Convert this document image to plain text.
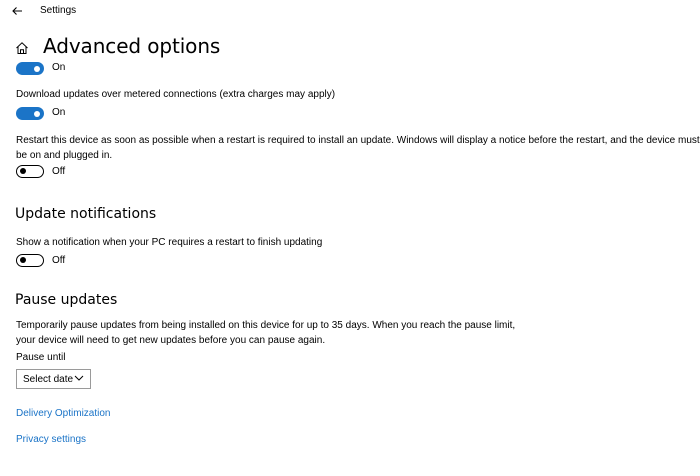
Settings
Advanced options
On
Download updates over metered connections (extra charges may apply)
On
Restart this device as soon as possible when a restart is required to install an update. Windows will display a notice before the restart, and the device must be on and plugged in.
Off
Update notifications
Show a notification when your PC requires a restart to finish updating
Off
Pause updates
Temporarily pause updates from being installed on this device for up to 35 days. When you reach the pause limit, your device will need to get new updates before you can pause again.
Pause until
Select date
Delivery Optimization
Privacy settings
